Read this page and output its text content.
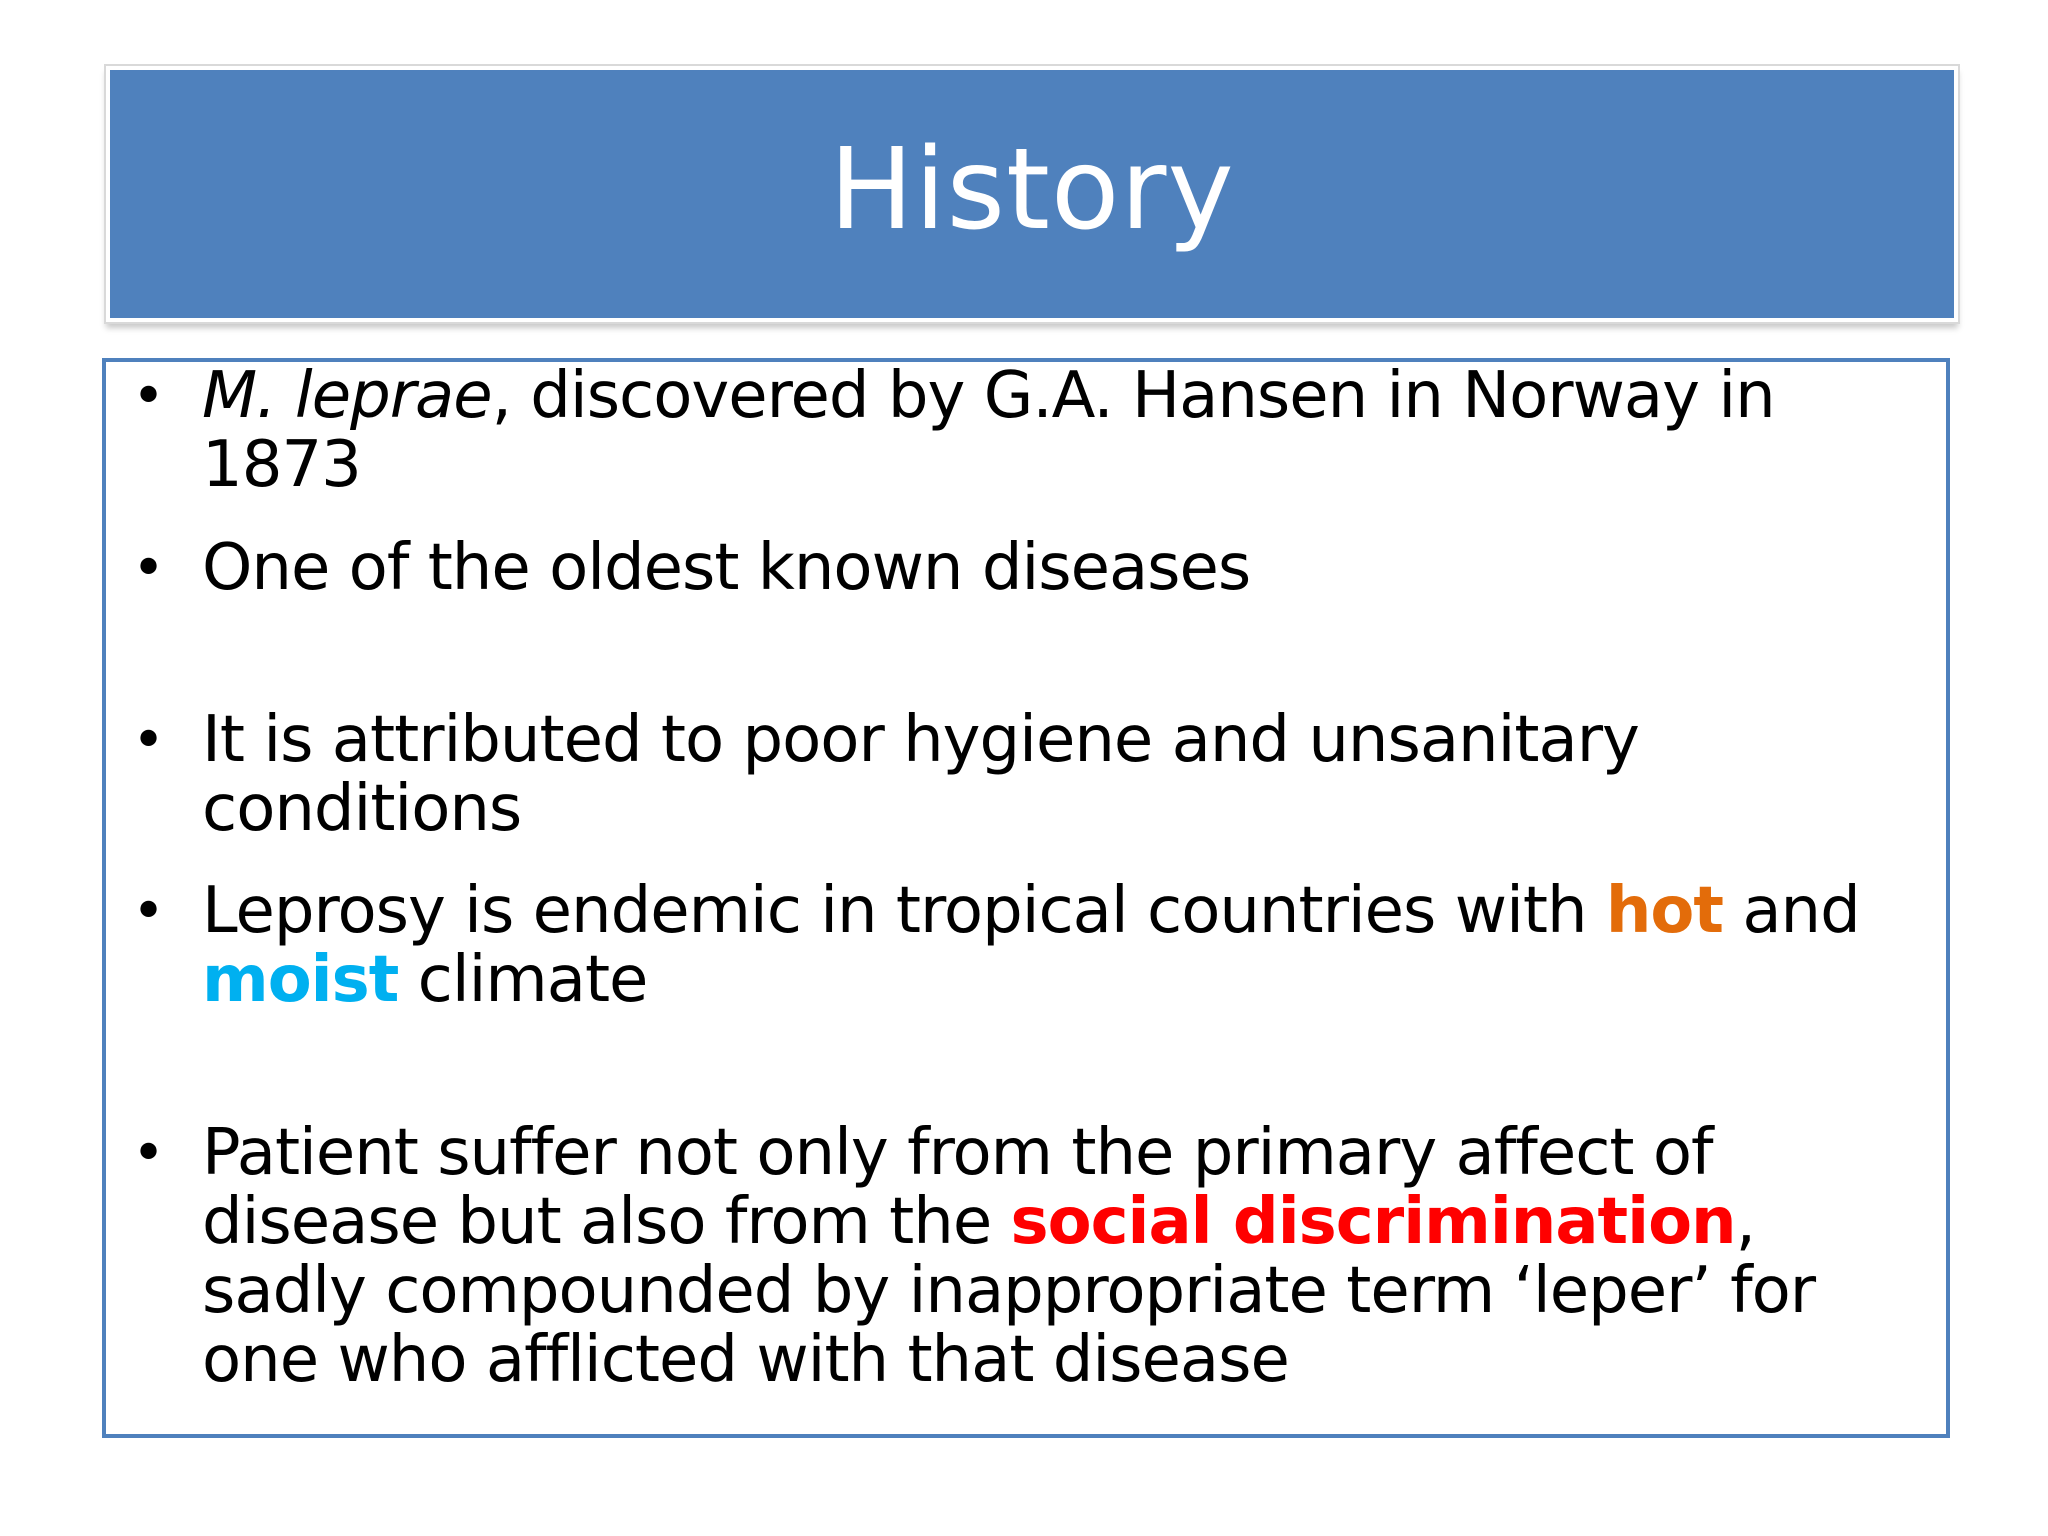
History
• M. leprae, discovered by G.A. Hansen in Norway in 1873
• One of the oldest known diseases
• It is attributed to poor hygiene and unsanitary conditions
• Leprosy is endemic in tropical countries with hot and moist climate
• Patient suffer not only from the primary affect of disease but also from the social discrimination, sadly compounded by inappropriate term ‘leper’ for one who afflicted with that disease
